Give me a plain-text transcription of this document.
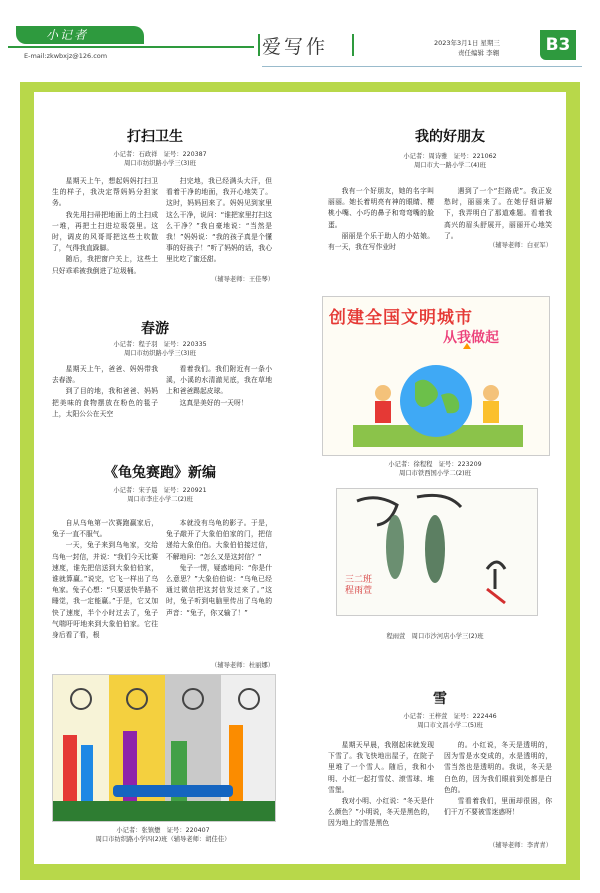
小记者
E-mail:zkwbxjz@126.com	爱写作	2023年3月1日 星期三
责任编辑 李翱	B3
打扫卫生
小记者：石政祥　证号：220387
周口市纺织路小学三(3)班

星期天上午，想起妈妈打扫卫生的样子，我决定帮妈妈分担家务。

我先用扫帚把地面上的土扫成一堆，再把土扫进垃圾袋里。这时，调皮的风哥哥把这些土吹散了，气得我直跺脚。

随后，我把窗户关上，这些土只好乖乖被我倒进了垃圾桶。

扫完地，我已经满头大汗，但看着干净的地面，我开心地笑了。这时，妈妈回来了。妈妈见到家里这么干净，说问：“谁把家里打扫这么干净？”我自豪地说：“当然是我！”妈妈说：“我的孩子真是个懂事的好孩子！”听了妈妈的话，我心里比吃了蜜还甜。

（辅导老师：王佳琴）
春游
小记者：程子羽　证号：220335
周口市纺织路小学三(3)班

星期天上午，爸爸、妈妈带我去春游。

到了目的地，我和爸爸、妈妈把美味的食物摆放在粉色的毯子上，太阳公公在天空

看着我们。我们附近有一条小溪，小溪的水清澈见底，我在草地上和爸爸踢起皮球。

这真是美好的一天呀！

《龟兔赛跑》新编
小记者：宋子晨　证号：220921
周口市李庄小学二(2)班

自从乌龟第一次赛跑赢家后，兔子一直不服气。

一天，兔子来到乌龟家，交给乌龟一封信，并说：“我们今天比赛速度，谁先把信送到大象伯伯家，谁就算赢。”说完，它飞一样出了乌龟家。兔子心想：“只要送快半路不睡觉，我一定能赢。”于是，它又加快了速度，半个小时过去了，兔子气喘吁吁地来到大象伯伯家。它往身后看了看，根

本就没有乌龟的影子。于是，兔子敲开了大象伯伯家的门，把信递给大象伯伯。大象伯伯接过信，不解地问：“怎么又是这封信？”

兔子一愣，疑惑地问：“你是什么意思？”大象伯伯说：“乌龟已经通过微信把这封信发过来了。”这时，兔子听到电脑里传出了乌龟的声音：“兔子，你又输了！”

（辅导老师：杜丽娜）
我的好朋友
小记者：周诗雅　证号：221062
周口市大一路小学二(4)班

我有一个好朋友，她的名字叫丽丽。她长着明亮有神的眼睛、樱桃小嘴、小巧的鼻子和弯弯嘴的脸蛋。

丽丽是个乐于助人的小姑娘。有一天，我在写作业时

遇到了一个“拦路虎”。我正发愁时，丽丽来了。在她仔细讲解下，我弄明白了那道难题。看着我高兴的眉头舒展开，丽丽开心地笑了。

（辅导老师：白亚军）
创建全国文明城市
从我做起
小记者：徐程程　证号：223209
周口市铁西国小学二(2)班
三二班
程雨萱
程雨萱　周口市沙河店小学三(2)班
小记者：张镇懋　证号：220407
周口市纺织路小学四(2)班（辅导老师：胡佳佳）
雪
小记者：王梓萱　证号：222446
周口市文昌小学二(5)班

星期天早晨，我刚起床就发现下雪了。我飞快地出屋子，在院子里堆了一个雪人。随后，我和小明、小红一起打雪仗、滚雪球、堆雪堡。

我对小明、小红说：“冬天是什么颜色？”小明说，冬天是黑色的，因为地上的雪是黑色

的。小红说，冬天是透明的，因为雪是水变成的，水是透明的，雪当然也是透明的。我说，冬天是白色的，因为我们眼前到处都是白色的。

雪看着我们，里面却很困，你们干万不要被雪迷惑呀！

（辅导老师：李青青）
